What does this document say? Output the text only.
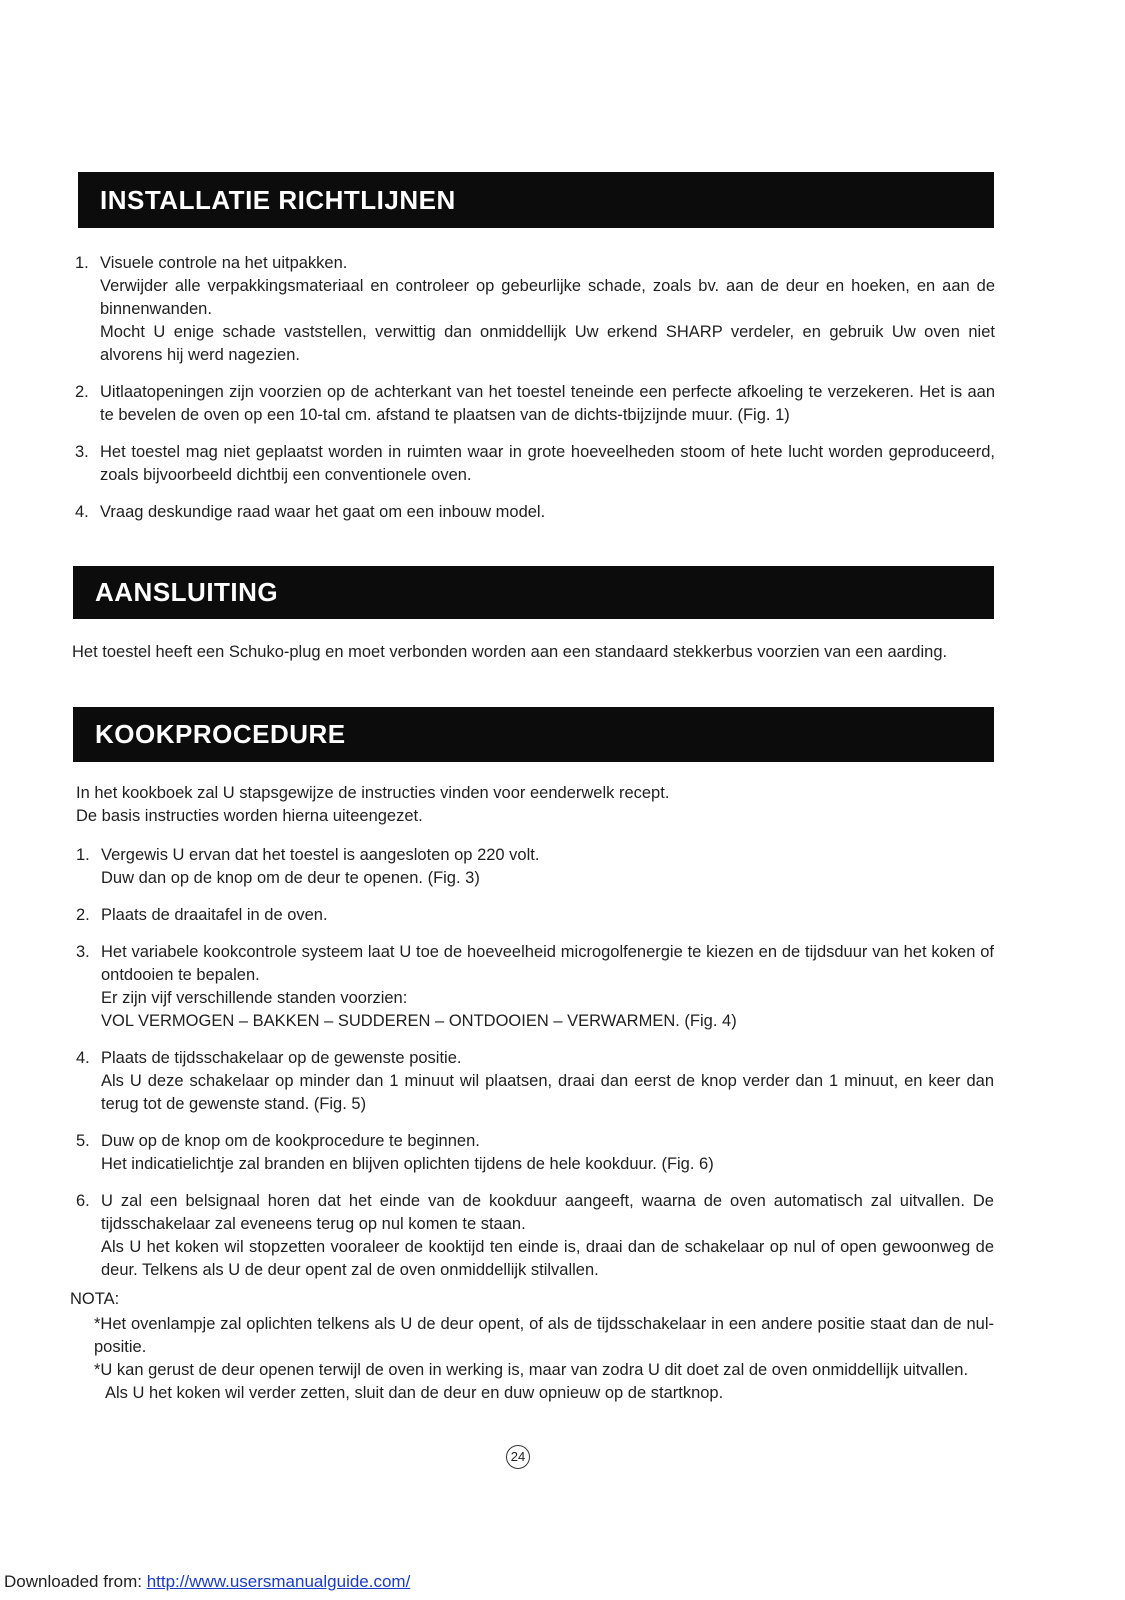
INSTALLATIE RICHTLIJNEN
1. Visuele controle na het uitpakken.

Verwijder alle verpakkingsmateriaal en controleer op gebeurlijke schade, zoals bv. aan de deur en hoeken, en aan de binnenwanden.

Mocht U enige schade vaststellen, verwittig dan onmiddellijk Uw erkend SHARP verdeler, en gebruik Uw oven niet alvorens hij werd nagezien.

2. Uitlaatopeningen zijn voorzien op de achterkant van het toestel teneinde een perfecte afkoeling te verzekeren. Het is aan te bevelen de oven op een 10-tal cm. afstand te plaatsen van de dichts-tbijzijnde muur. (Fig. 1)

3. Het toestel mag niet geplaatst worden in ruimten waar in grote hoeveelheden stoom of hete lucht worden geproduceerd, zoals bijvoorbeeld dichtbij een conventionele oven.

4. Vraag deskundige raad waar het gaat om een inbouw model.

AANSLUITING

Het toestel heeft een Schuko-plug en moet verbonden worden aan een standaard stekkerbus voorzien van een aarding.

KOOKPROCEDURE

In het kookboek zal U stapsgewijze de instructies vinden voor eenderwelk recept.

De basis instructies worden hierna uiteengezet.

1. Vergewis U ervan dat het toestel is aangesloten op 220 volt.

Duw dan op de knop om de deur te openen. (Fig. 3)

2. Plaats de draaitafel in de oven.

3. Het variabele kookcontrole systeem laat U toe de hoeveelheid microgolfenergie te kiezen en de tijdsduur van het koken of ontdooien te bepalen.

Er zijn vijf verschillende standen voorzien:

VOL VERMOGEN – BAKKEN – SUDDEREN – ONTDOOIEN – VERWARMEN. (Fig. 4)

4. Plaats de tijdsschakelaar op de gewenste positie.

Als U deze schakelaar op minder dan 1 minuut wil plaatsen, draai dan eerst de knop verder dan 1 minuut, en keer dan terug tot de gewenste stand. (Fig. 5)

5. Duw op de knop om de kookprocedure te beginnen.

Het indicatielichtje zal branden en blijven oplichten tijdens de hele kookduur. (Fig. 6)

6. U zal een belsignaal horen dat het einde van de kookduur aangeeft, waarna de oven automatisch zal uitvallen. De tijdsschakelaar zal eveneens terug op nul komen te staan.

Als U het koken wil stopzetten vooraleer de kooktijd ten einde is, draai dan de schakelaar op nul of open gewoonweg de deur. Telkens als U de deur opent zal de oven onmiddellijk stilvallen.

NOTA:

*Het ovenlampje zal oplichten telkens als U de deur opent, of als de tijdsschakelaar in een andere positie staat dan de nul-positie.

*U kan gerust de deur openen terwijl de oven in werking is, maar van zodra U dit doet zal de oven onmiddellijk uitvallen.

Als U het koken wil verder zetten, sluit dan de deur en duw opnieuw op de startknop.

24
Downloaded from: http://www.usersmanualguide.com/
